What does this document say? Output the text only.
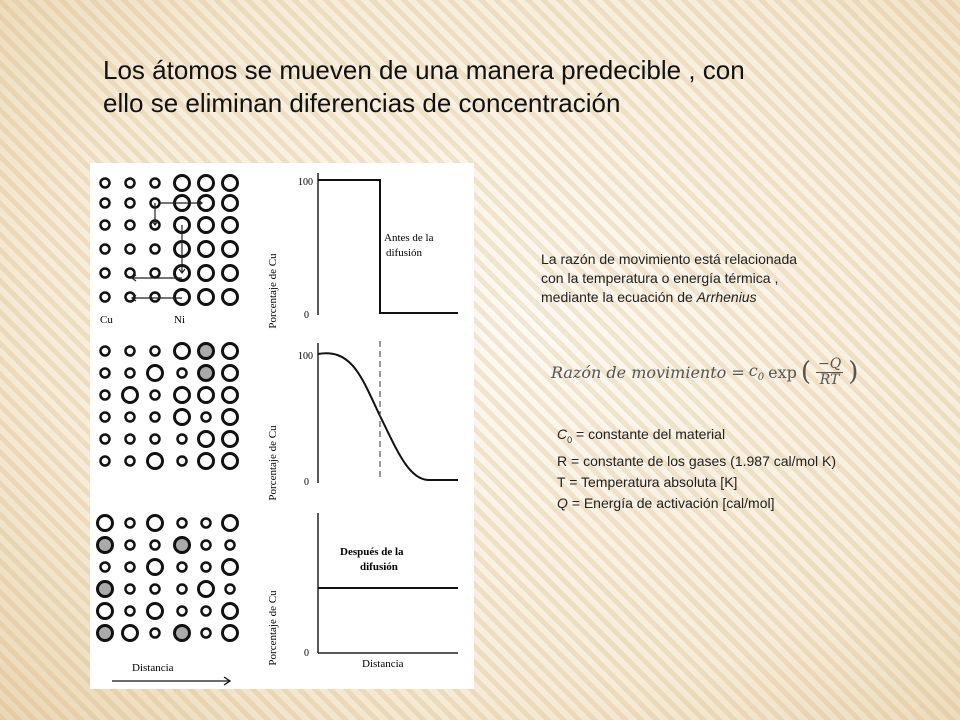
Los átomos se mueven de una manera predecible , con
ello se eliminan diferencias de concentración
Cu	Ni	Porcentaje de Cu
100
0
Antes de la
difusión
Porcentaje de Cu
100
0
Porcentaje de Cu	0
Después de la
difusión
Distancia
Distancia
La razón de movimiento está relacionada
con la temperatura o energía térmica ,
mediante la ecuación de Arrhenius
Razón de movimiento = $c_0$ exp ( $\frac{-Q}{RT}$ )
$C_0$ = constante del material
R = constante de los gases (1.987 cal/mol K)
T = Temperatura absoluta [K]
Q = Energía de activación [cal/mol]
